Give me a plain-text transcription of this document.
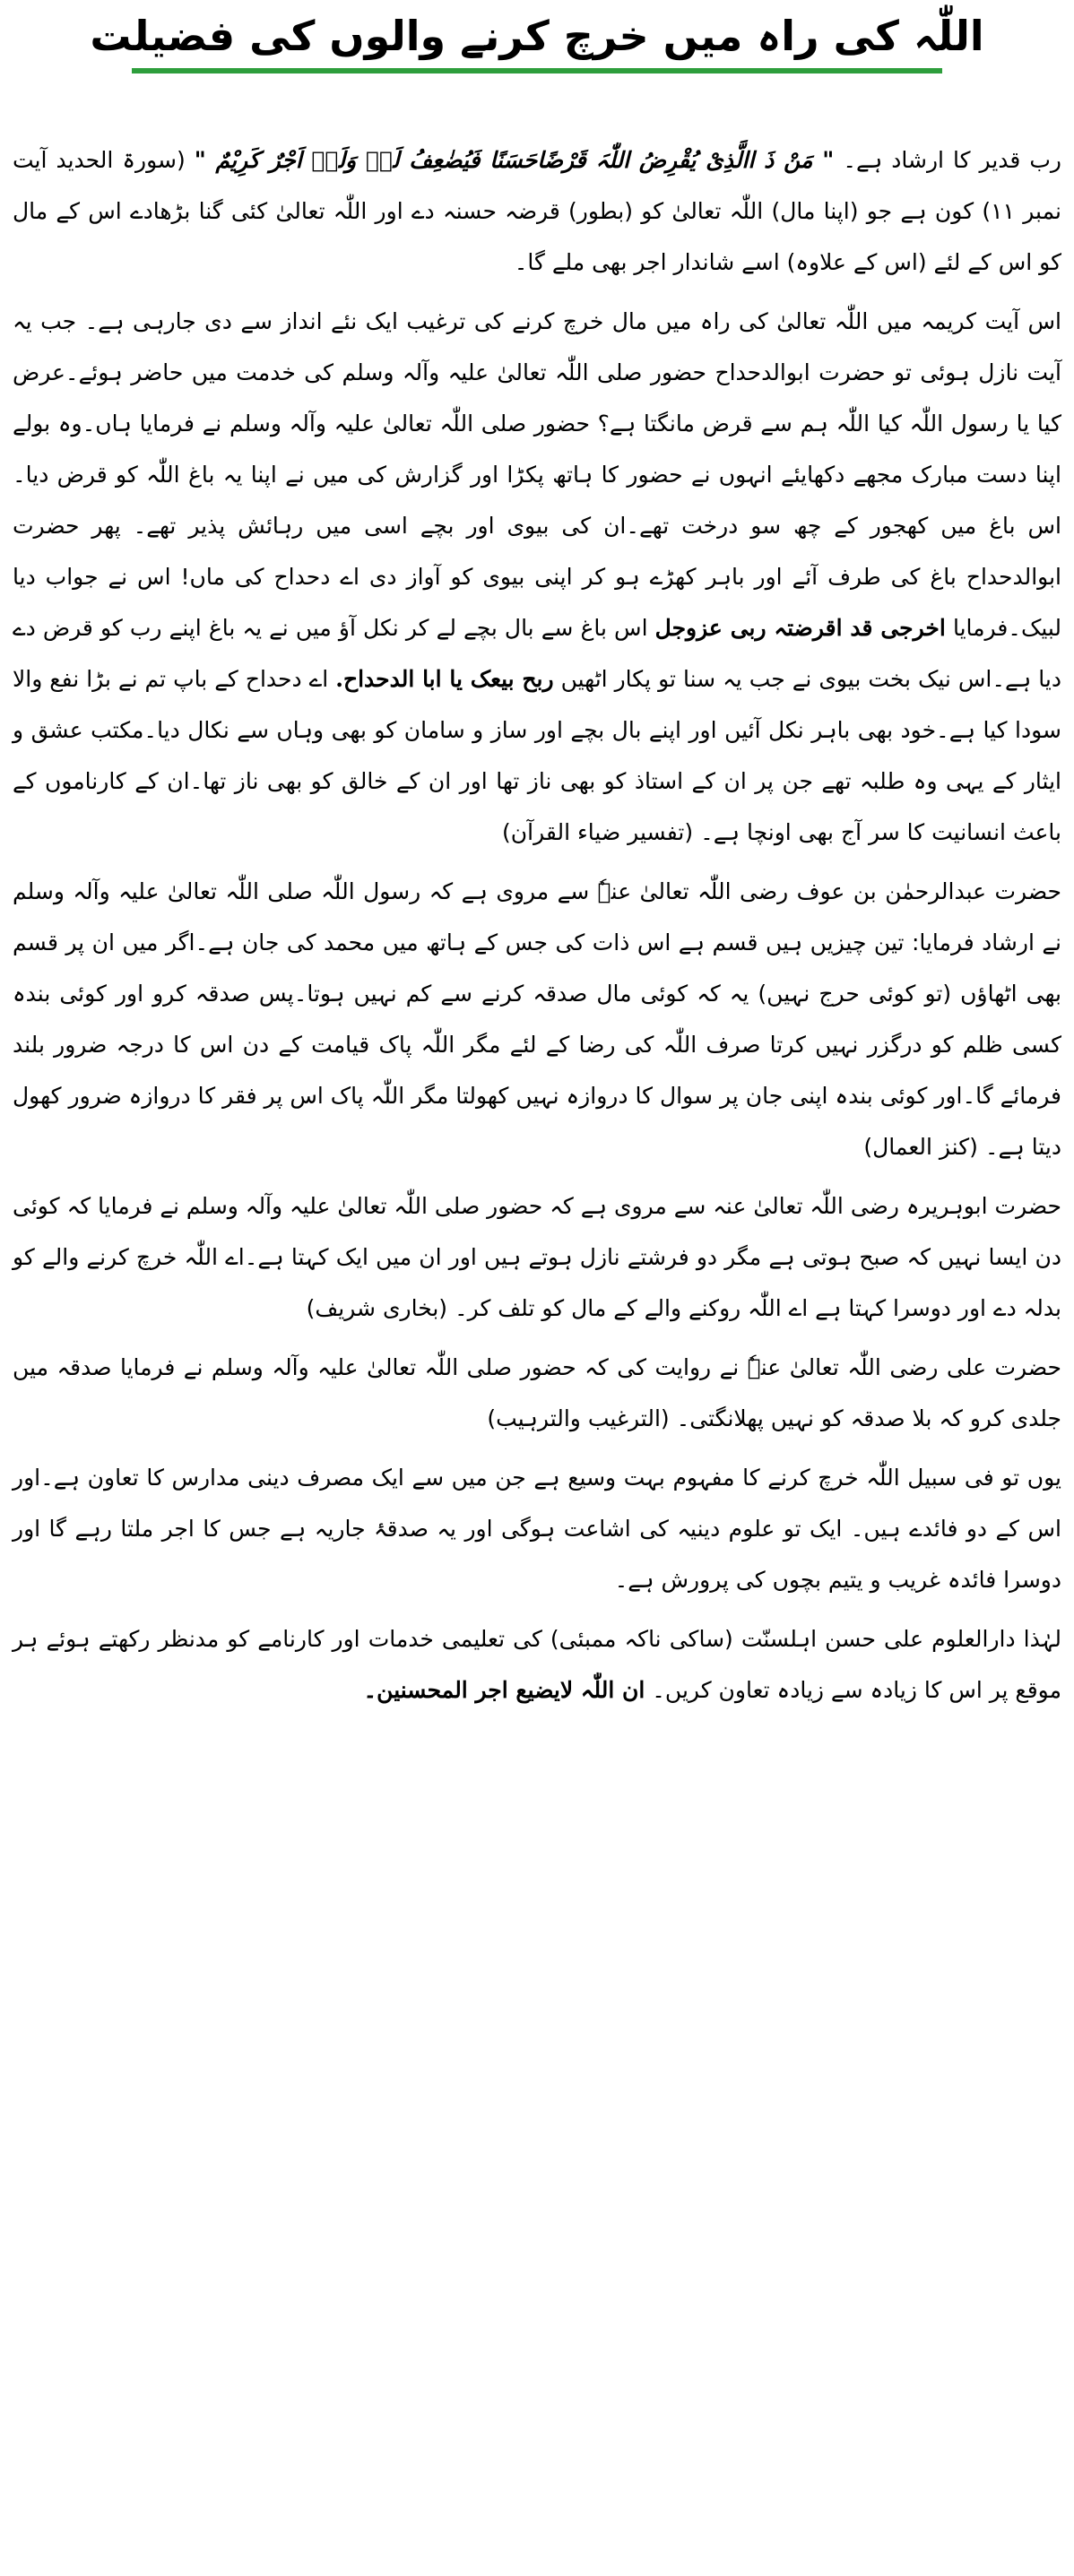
اللّٰہ کی راہ میں خرچ کرنے والوں کی فضیلت

رب قدیر کا ارشاد ہے۔ " مَنْ ذَ االَّذِیْ یُقْرِضُ اللّٰہَ قَرْضًاحَسَنًا فَیُضٰعِفُ لَہٗ وَلَہٗ اَجْرٌ کَرِیْمٌ " (سورۃ الحدید آیت نمبر ۱۱) کون ہے جو (اپنا مال) اللّٰہ تعالیٰ کو (بطور) قرضہ حسنہ دے اور اللّٰہ تعالیٰ کئی گنا بڑھادے اس کے مال کو اس کے لئے (اس کے علاوہ) اسے شاندار اجر بھی ملے گا۔

اس آیت کریمہ میں اللّٰہ تعالیٰ کی راہ میں مال خرچ کرنے کی ترغیب ایک نئے انداز سے دی جارہی ہے۔ جب یہ آیت نازل ہوئی تو حضرت ابوالدحداح حضور صلی اللّٰہ تعالیٰ علیہ وآلہ وسلم کی خدمت میں حاضر ہوئے۔عرض کیا یا رسول اللّٰہ کیا اللّٰہ ہم سے قرض مانگتا ہے؟ حضور صلی اللّٰہ تعالیٰ علیہ وآلہ وسلم نے فرمایا ہاں۔وہ بولے اپنا دست مبارک مجھے دکھایئے انہوں نے حضور کا ہاتھ پکڑا اور گزارش کی میں نے اپنا یہ باغ اللّٰہ کو قرض دیا۔اس باغ میں کھجور کے چھ سو درخت تھے۔ان کی بیوی اور بچے اسی میں رہائش پذیر تھے۔ پھر حضرت ابوالدحداح باغ کی طرف آئے اور باہر کھڑے ہو کر اپنی بیوی کو آواز دی اے دحداح کی ماں! اس نے جواب دیا لبیک۔فرمایا اخرجی قد اقرضتہ ربی عزوجل اس باغ سے بال بچے لے کر نکل آؤ میں نے یہ باغ اپنے رب کو قرض دے دیا ہے۔اس نیک بخت بیوی نے جب یہ سنا تو پکار اٹھیں ربح بیعک یا ابا الدحداح. اے دحداح کے باپ تم نے بڑا نفع والا سودا کیا ہے۔خود بھی باہر نکل آئیں اور اپنے بال بچے اور ساز و سامان کو بھی وہاں سے نکال دیا۔مکتب عشق و ایثار کے یہی وہ طلبہ تھے جن پر ان کے استاذ کو بھی ناز تھا اور ان کے خالق کو بھی ناز تھا۔ان کے کارناموں کے باعث انسانیت کا سر آج بھی اونچا ہے۔ (تفسیر ضیاء القرآن)

حضرت عبدالرحمٰن بن عوف رضی اللّٰہ تعالیٰ عنہٗ سے مروی ہے کہ رسول اللّٰہ صلی اللّٰہ تعالیٰ علیہ وآلہ وسلم نے ارشاد فرمایا: تین چیزیں ہیں قسم ہے اس ذات کی جس کے ہاتھ میں محمد کی جان ہے۔اگر میں ان پر قسم بھی اٹھاؤں (تو کوئی حرج نہیں) یہ کہ کوئی مال صدقہ کرنے سے کم نہیں ہوتا۔پس صدقہ کرو اور کوئی بندہ کسی ظلم کو درگزر نہیں کرتا صرف اللّٰہ کی رضا کے لئے مگر اللّٰہ پاک قیامت کے دن اس کا درجہ ضرور بلند فرمائے گا۔اور کوئی بندہ اپنی جان پر سوال کا دروازہ نہیں کھولتا مگر اللّٰہ پاک اس پر فقر کا دروازہ ضرور کھول دیتا ہے۔ (کنز العمال)

حضرت ابوہریرہ رضی اللّٰہ تعالیٰ عنہ سے مروی ہے کہ حضور صلی اللّٰہ تعالیٰ علیہ وآلہ وسلم نے فرمایا کہ کوئی دن ایسا نہیں کہ صبح ہوتی ہے مگر دو فرشتے نازل ہوتے ہیں اور ان میں ایک کہتا ہے۔اے اللّٰہ خرچ کرنے والے کو بدلہ دے اور دوسرا کہتا ہے اے اللّٰہ روکنے والے کے مال کو تلف کر۔ (بخاری شریف)

حضرت علی رضی اللّٰہ تعالیٰ عنہٗ نے روایت کی کہ حضور صلی اللّٰہ تعالیٰ علیہ وآلہ وسلم نے فرمایا صدقہ میں جلدی کرو کہ بلا صدقہ کو نہیں پھلانگتی۔ (الترغیب والترہیب)

یوں تو فی سبیل اللّٰہ خرچ کرنے کا مفہوم بہت وسیع ہے جن میں سے ایک مصرف دینی مدارس کا تعاون ہے۔اور اس کے دو فائدے ہیں۔ ایک تو علوم دینیہ کی اشاعت ہوگی اور یہ صدقۂ جاریہ ہے جس کا اجر ملتا رہے گا اور دوسرا فائدہ غریب و یتیم بچوں کی پرورش ہے۔

لہٰذا دارالعلوم علی حسن اہلسنّت (ساکی ناکہ ممبئی) کی تعلیمی خدمات اور کارنامے کو مدنظر رکھتے ہوئے ہر موقع پر اس کا زیادہ سے زیادہ تعاون کریں۔ ان اللّٰہ لایضیع اجر المحسنین۔
